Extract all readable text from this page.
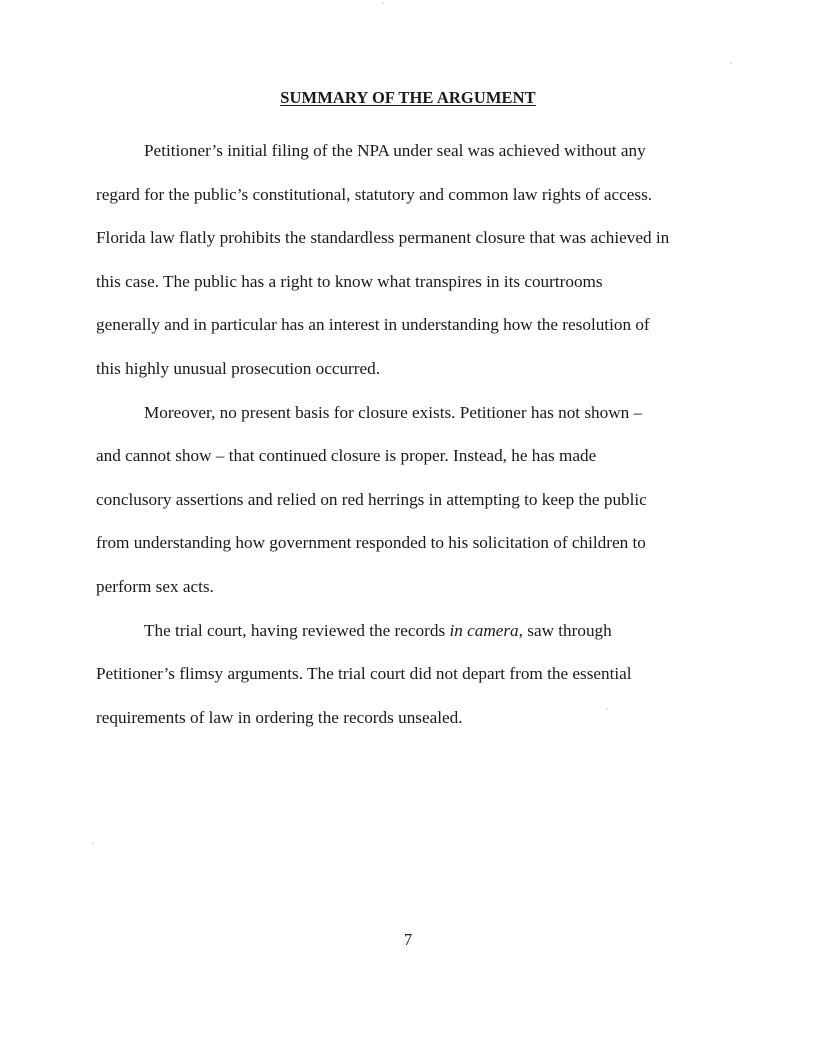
SUMMARY OF THE ARGUMENT
Petitioner’s initial filing of the NPA under seal was achieved without any
regard for the public’s constitutional, statutory and common law rights of access.
Florida law flatly prohibits the standardless permanent closure that was achieved in
this case. The public has a right to know what transpires in its courtrooms
generally and in particular has an interest in understanding how the resolution of
this highly unusual prosecution occurred.
Moreover, no present basis for closure exists. Petitioner has not shown –
and cannot show – that continued closure is proper. Instead, he has made
conclusory assertions and relied on red herrings in attempting to keep the public
from understanding how government responded to his solicitation of children to
perform sex acts.
The trial court, having reviewed the records in camera, saw through
Petitioner’s flimsy arguments. The trial court did not depart from the essential
requirements of law in ordering the records unsealed.
7
